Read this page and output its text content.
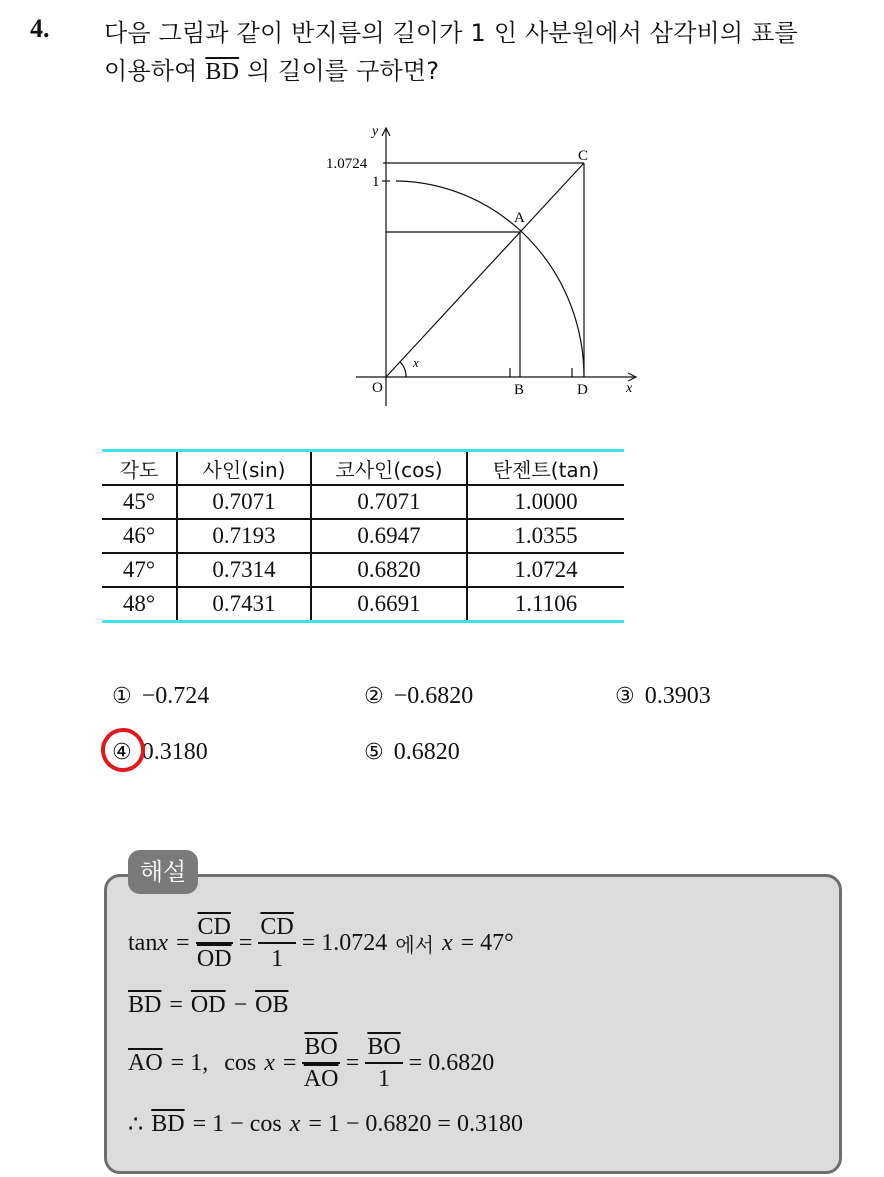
4. 다음 그림과 같이 반지름의 길이가 1 인 사분원에서 삼각비의 표를
이용하여 $\overline{BD}$ 의 길이를 구하면?
y
x
1.0724
1
C
A
O	B	D
x
각도	사인(sin)	코사인(cos)	탄젠트(tan)
45°	0.7071	0.7071	1.0000
46°	0.7193	0.6947	1.0355
47°	0.7314	0.6820	1.0724
48°	0.7431	0.6691	1.1106
① −0.724	② −0.6820	③ 0.3903
④ 0.3180	⑤ 0.6820
해설
$\tan x = \frac{\overline{CD}}{OD} = \frac{\overline{CD}}{1} = 1.0724$ 에서 x = 47°
$\overline{BD} = \overline{OD} - \overline{OB}$
$\overline{AO} = 1$, $\cos x = \frac{\overline{BO}}{AO} = \frac{\overline{BO}}{1} = 0.6820$
∴ $\overline{BD} = 1 - \cos x = 1 - 0.6820 = 0.3180$
